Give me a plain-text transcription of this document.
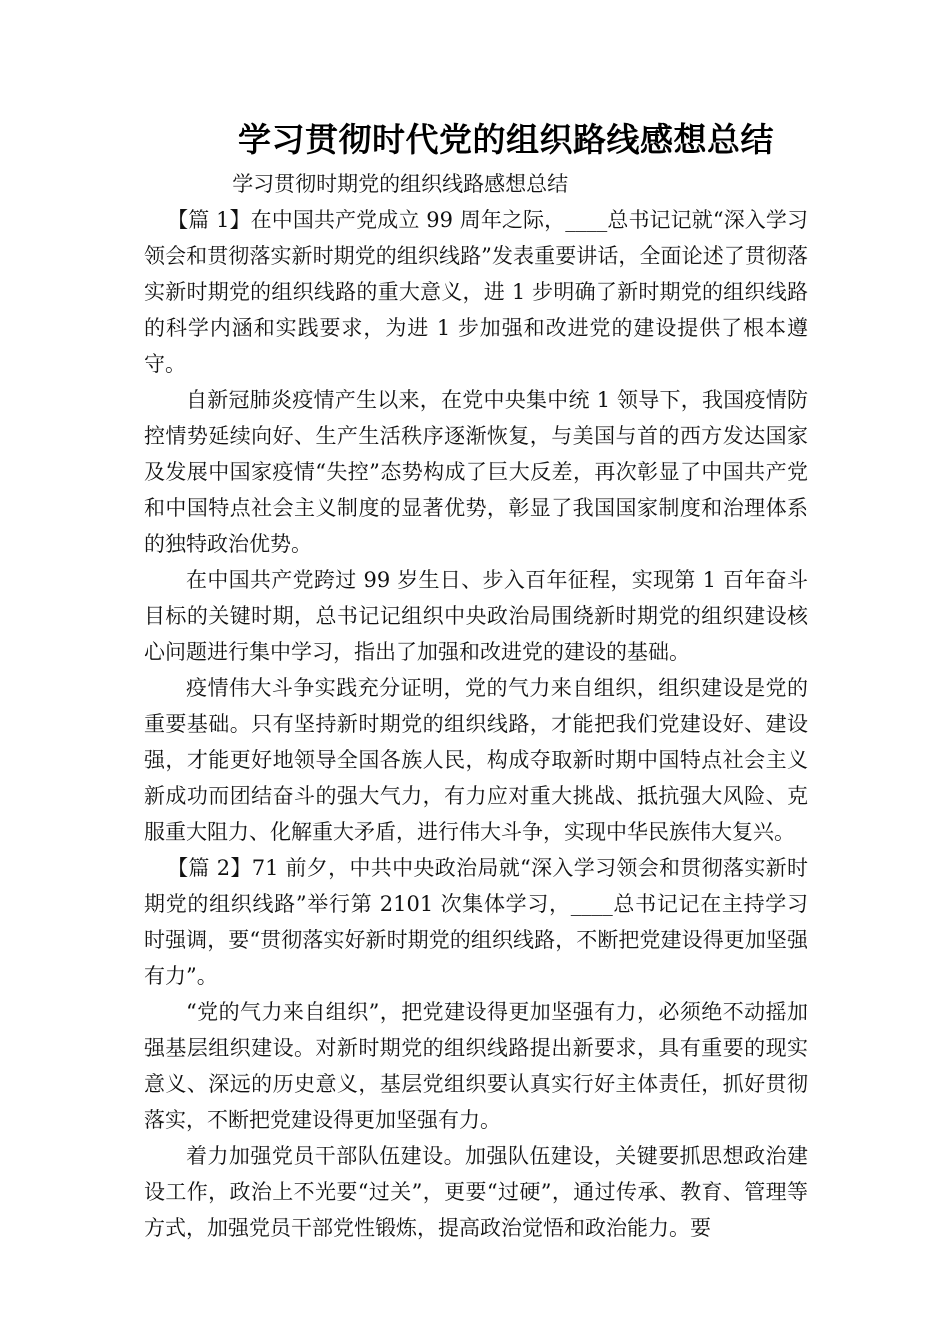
学习贯彻时代党的组织路线感想总结

学习贯彻时期党的组织线路感想总结

【篇 1】在中国共产党成立 99 周年之际，____总书记记就“深入学习领会和贯彻落实新时期党的组织线路”发表重要讲话，全面论述了贯彻落实新时期党的组织线路的重大意义，进 1 步明确了新时期党的组织线路的科学内涵和实践要求，为进 1 步加强和改进党的建设提供了根本遵守。

自新冠肺炎疫情产生以来，在党中央集中统 1 领导下，我国疫情防控情势延续向好、生产生活秩序逐渐恢复，与美国与首的西方发达国家及发展中国家疫情“失控”态势构成了巨大反差，再次彰显了中国共产党和中国特点社会主义制度的显著优势，彰显了我国国家制度和治理体系的独特政治优势。

在中国共产党跨过 99 岁生日、步入百年征程，实现第 1 百年奋斗目标的关键时期，总书记记组织中央政治局围绕新时期党的组织建设核心问题进行集中学习，指出了加强和改进党的建设的基础。

疫情伟大斗争实践充分证明，党的气力来自组织，组织建设是党的重要基础。只有坚持新时期党的组织线路，才能把我们党建设好、建设强，才能更好地领导全国各族人民，构成夺取新时期中国特点社会主义新成功而团结奋斗的强大气力，有力应对重大挑战、抵抗强大风险、克服重大阻力、化解重大矛盾，进行伟大斗争，实现中华民族伟大复兴。

【篇 2】71 前夕，中共中央政治局就“深入学习领会和贯彻落实新时期党的组织线路”举行第 2101 次集体学习，____总书记记在主持学习时强调，要“贯彻落实好新时期党的组织线路，不断把党建设得更加坚强有力”。

“党的气力来自组织”，把党建设得更加坚强有力，必须绝不动摇加强基层组织建设。对新时期党的组织线路提出新要求，具有重要的现实意义、深远的历史意义，基层党组织要认真实行好主体责任，抓好贯彻落实，不断把党建设得更加坚强有力。

着力加强党员干部队伍建设。加强队伍建设，关键要抓思想政治建设工作，政治上不光要“过关”，更要“过硬”，通过传承、教育、管理等方式，加强党员干部党性锻炼，提高政治觉悟和政治能力。要
